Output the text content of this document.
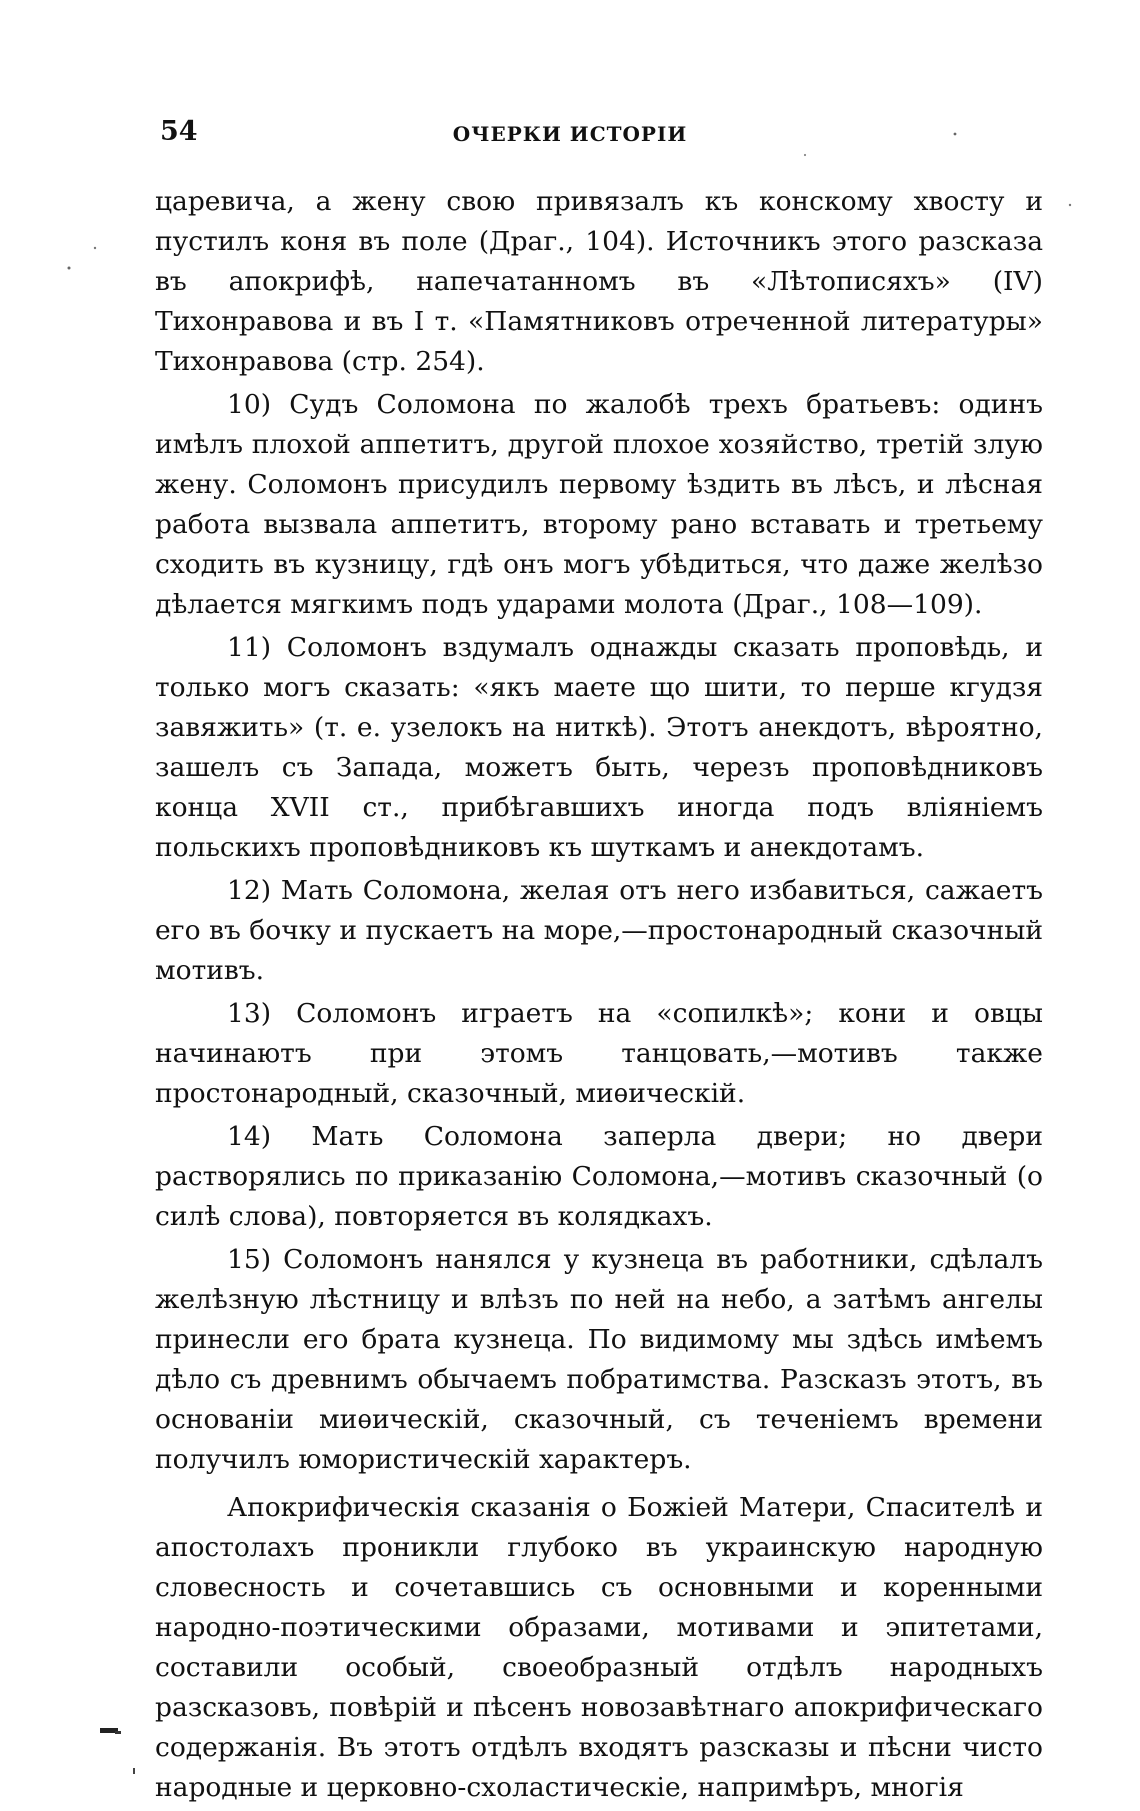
54	ОЧЕРКИ ИСТОРІИ

царевича, а жену свою привязалъ къ конскому хвосту и пустилъ коня въ поле (Драг., 104). Источникъ этого разсказа въ апокрифѣ, напечатанномъ въ «Лѣтописяхъ» (IV) Тихонравова и въ I т. «Памятниковъ отреченной литературы» Тихонравова (стр. 254).

10) Судъ Соломона по жалобѣ трехъ братьевъ: одинъ имѣлъ плохой аппетитъ, другой плохое хозяйство, третій злую жену. Соломонъ присудилъ первому ѣздить въ лѣсъ, и лѣсная работа вызвала аппетитъ, второму рано вставать и третьему сходить въ кузницу, гдѣ онъ могъ убѣдиться, что даже желѣзо дѣлается мягкимъ подъ ударами молота (Драг., 108—109).

11) Соломонъ вздумалъ однажды сказать проповѣдь, и только могъ сказать: «якъ маете що шити, то перше кгудзя завяжить» (т. е. узелокъ на ниткѣ). Этотъ анекдотъ, вѣроятно, зашелъ съ Запада, можетъ быть, черезъ проповѣдниковъ конца XVII ст., прибѣгавшихъ иногда подъ вліяніемъ польскихъ проповѣдниковъ къ шуткамъ и анекдотамъ.

12) Мать Соломона, желая отъ него избавиться, сажаетъ его въ бочку и пускаетъ на море,—простонародный сказочный мотивъ.

13) Соломонъ играетъ на «сопилкѣ»; кони и овцы начинаютъ при этомъ танцовать,—мотивъ также простонародный, сказочный, миѳическій.

14) Мать Соломона заперла двери; но двери растворялись по приказанію Соломона,—мотивъ сказочный (о силѣ слова), повторяется въ колядкахъ.

15) Соломонъ нанялся у кузнеца въ работники, сдѣлалъ желѣзную лѣстницу и влѣзъ по ней на небо, а затѣмъ ангелы принесли его брата кузнеца. По видимому мы здѣсь имѣемъ дѣло съ древнимъ обычаемъ побратимства. Разсказъ этотъ, въ основаніи миѳическій, сказочный, съ теченіемъ времени получилъ юмористическій характеръ.

Апокрифическія сказанія о Божіей Матери, Спасителѣ и апостолахъ проникли глубоко въ украинскую народную словесность и сочетавшись съ основными и коренными народно-поэтическими образами, мотивами и эпитетами, составили особый, своеобразный отдѣлъ народныхъ разсказовъ, повѣрій и пѣсенъ новозавѣтнаго апокрифическаго содержанія. Въ этотъ отдѣлъ входятъ разсказы и пѣсни чисто народные и церковно-схоластическіе, напримѣръ, многія
